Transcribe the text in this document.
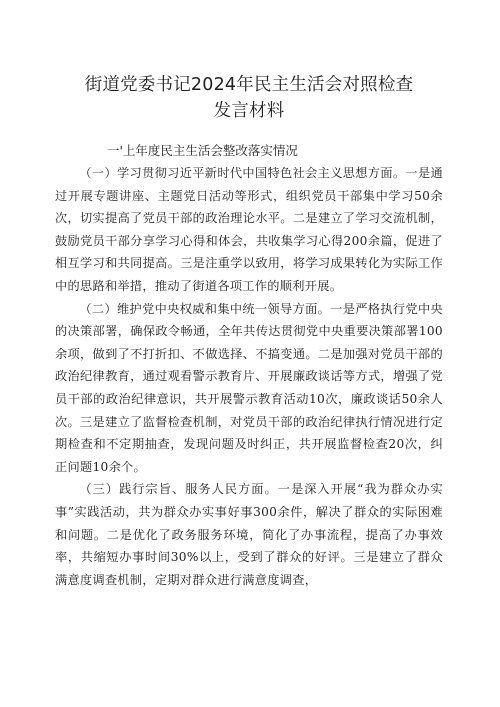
街道党委书记2024年民主生活会对照检查
发言材料
一'上年度民主生活会整改落实情况

（一）学习贯彻习近平新时代中国特色社会主义思想方面。一是通过开展专题讲座、主题党日活动等形式，组织党员干部集中学习50余次，切实提高了党员干部的政治理论水平。二是建立了学习交流机制，鼓励党员干部分享学习心得和体会，共收集学习心得200余篇，促进了相互学习和共同提高。三是注重学以致用，将学习成果转化为实际工作中的思路和举措，推动了街道各项工作的顺利开展。

（二）维护党中央权威和集中统一领导方面。一是严格执行党中央的决策部署，确保政令畅通，全年共传达贯彻党中央重要决策部署100余项，做到了不打折扣、不做选择、不搞变通。二是加强对党员干部的政治纪律教育，通过观看警示教育片、开展廉政谈话等方式，增强了党员干部的政治纪律意识，共开展警示教育活动10次，廉政谈话50余人次。三是建立了监督检查机制，对党员干部的政治纪律执行情况进行定期检查和不定期抽查，发现问题及时纠正，共开展监督检查20次，纠正问题10余个。

（三）践行宗旨、服务人民方面。一是深入开展“我为群众办实事”实践活动，共为群众办实事好事300余件，解决了群众的实际困难和问题。二是优化了政务服务环境，简化了办事流程，提高了办事效率，共缩短办事时间30%以上，受到了群众的好评。三是建立了群众满意度调查机制，定期对群众进行满意度调查，
